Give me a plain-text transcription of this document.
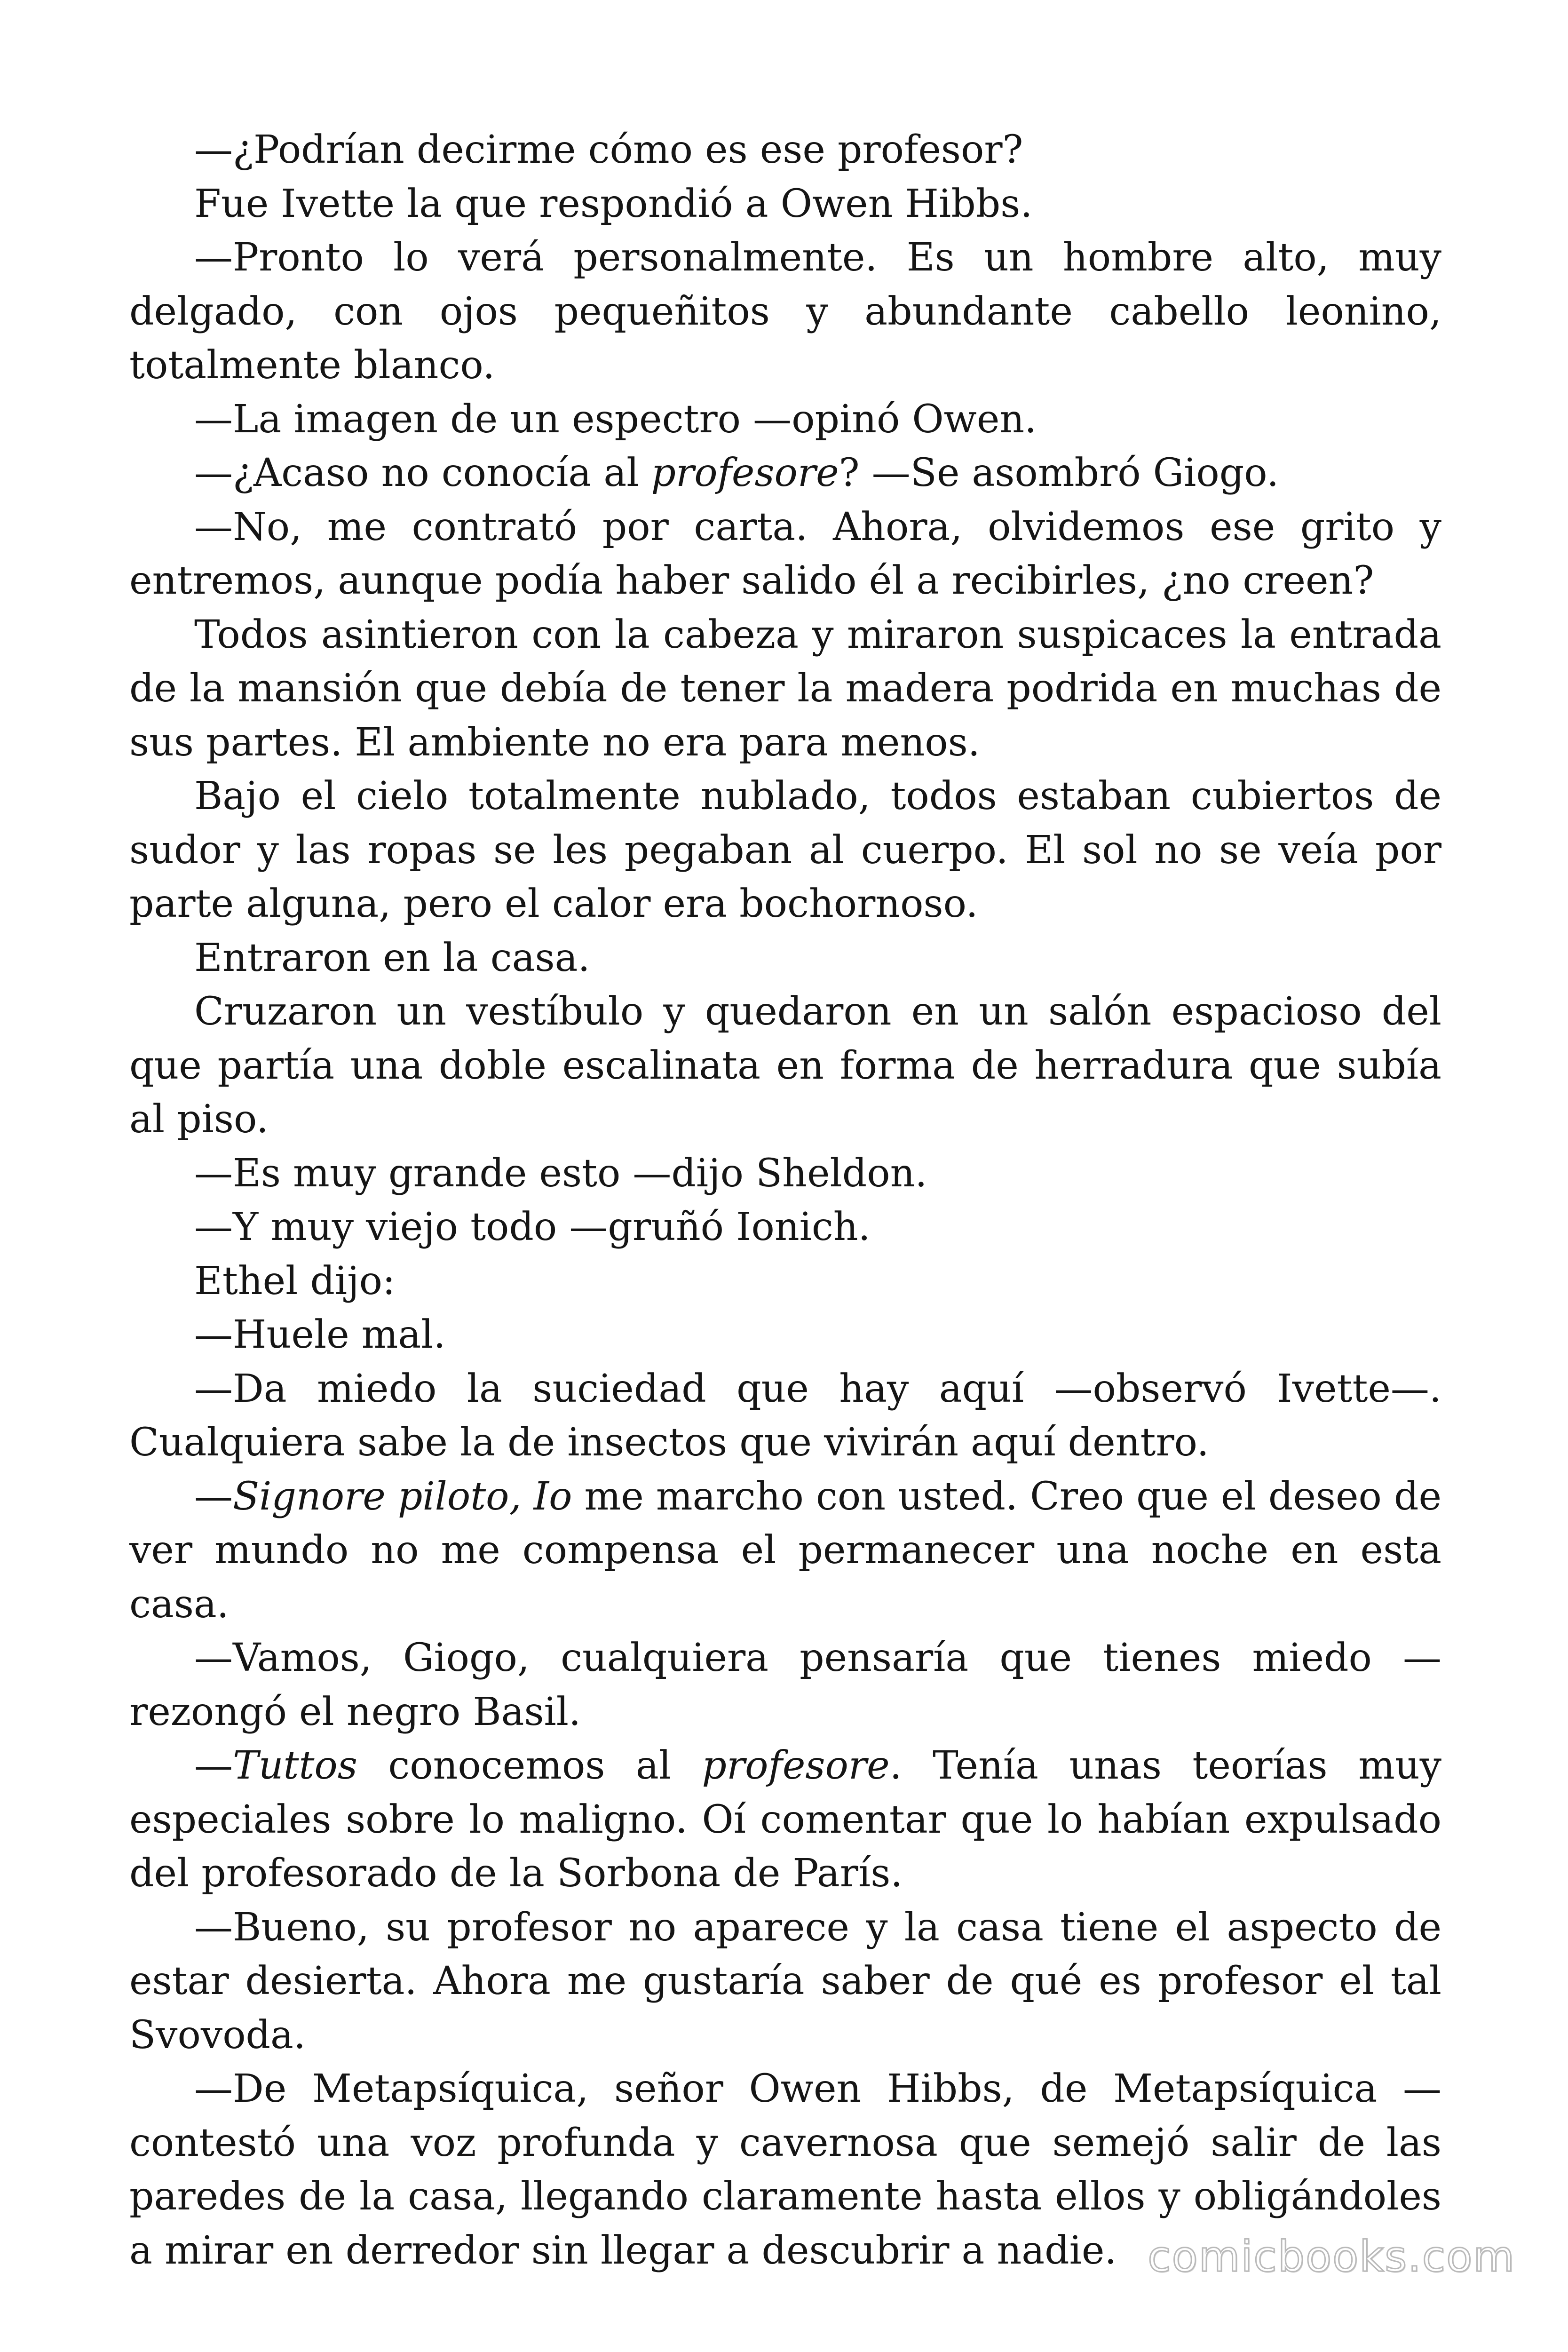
—¿Podrían decirme cómo es ese profesor?

Fue Ivette la que respondió a Owen Hibbs.

—Pronto lo verá personalmente. Es un hombre alto, muy delgado, con ojos pequeñitos y abundante cabello leonino, totalmente blanco.

—La imagen de un espectro —opinó Owen.

—¿Acaso no conocía al profesore? —Se asombró Giogo.

—No, me contrató por carta. Ahora, olvidemos ese grito y entremos, aunque podía haber salido él a recibirles, ¿no creen?

Todos asintieron con la cabeza y miraron suspicaces la entrada de la mansión que debía de tener la madera podrida en muchas de sus partes. El ambiente no era para menos.

Bajo el cielo totalmente nublado, todos estaban cubiertos de sudor y las ropas se les pegaban al cuerpo. El sol no se veía por parte alguna, pero el calor era bochornoso.

Entraron en la casa.

Cruzaron un vestíbulo y quedaron en un salón espacioso del que partía una doble escalinata en forma de herradura que subía al piso.

—Es muy grande esto —dijo Sheldon.

—Y muy viejo todo —gruñó Ionich.

Ethel dijo:

—Huele mal.

—Da miedo la suciedad que hay aquí —observó Ivette—. Cualquiera sabe la de insectos que vivirán aquí dentro.

—Signore piloto, Io me marcho con usted. Creo que el deseo de ver mundo no me compensa el permanecer una noche en esta casa.

—Vamos, Giogo, cualquiera pensaría que tienes miedo —rezongó el negro Basil.

—Tuttos conocemos al profesore. Tenía unas teorías muy especiales sobre lo maligno. Oí comentar que lo habían expulsado del profesorado de la Sorbona de París.

—Bueno, su profesor no aparece y la casa tiene el aspecto de estar desierta. Ahora me gustaría saber de qué es profesor el tal Svovoda.

—De Metapsíquica, señor Owen Hibbs, de Metapsíquica —contestó una voz profunda y cavernosa que semejó salir de las paredes de la casa, llegando claramente hasta ellos y obligándoles a mirar en derredor sin llegar a descubrir a nadie. comicbooks.com
